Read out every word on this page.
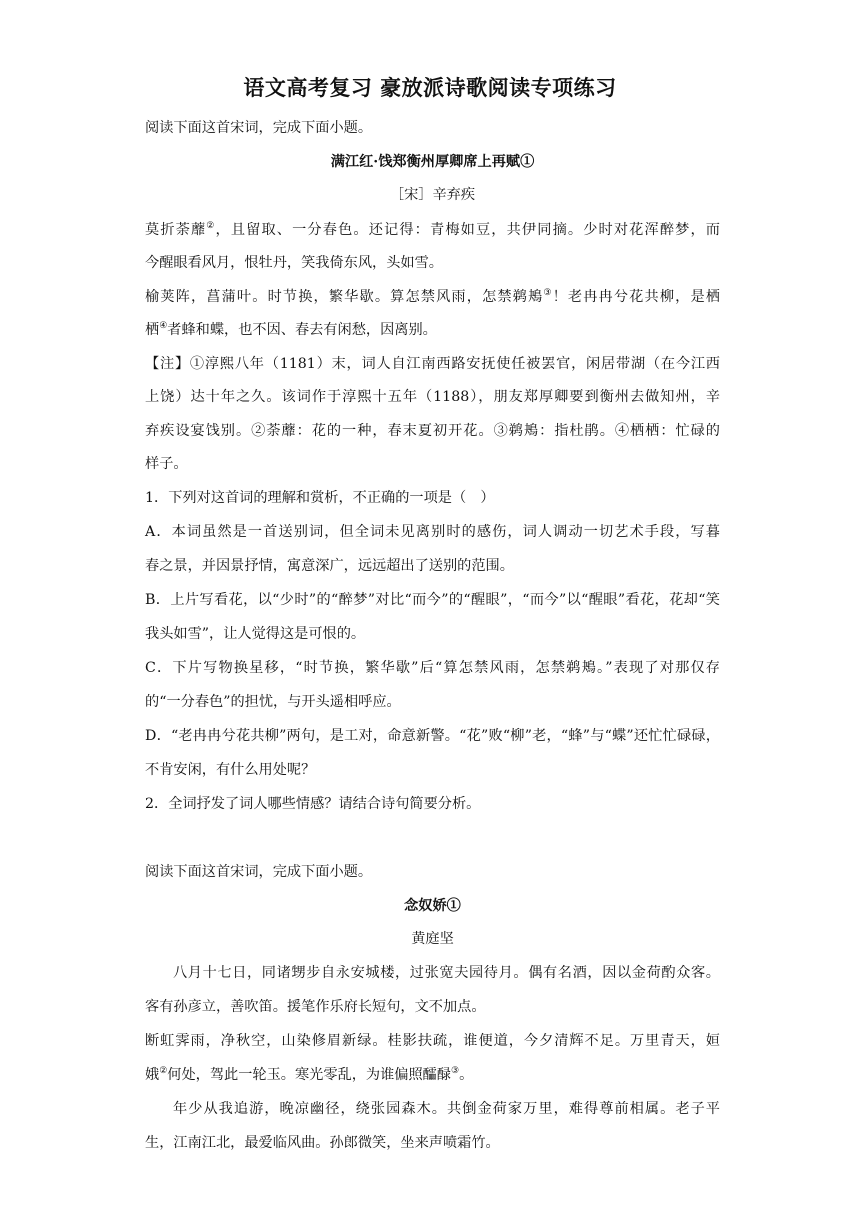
语文高考复习 豪放派诗歌阅读专项练习
阅读下面这首宋词，完成下面小题。
满江红·饯郑衡州厚卿席上再赋①
［宋］辛弃疾
莫折荼蘼②，且留取、一分春色。还记得：青梅如豆，共伊同摘。少时对花浑醉梦，而
今醒眼看风月，恨牡丹，笑我倚东风，头如雪。
榆荚阵，菖蒲叶。时节换，繁华歇。算怎禁风雨，怎禁鹈鴂③！老冉冉兮花共柳，是栖
栖④者蜂和蝶，也不因、春去有闲愁，因离别。
【注】①淳熙八年（1181）末，词人自江南西路安抚使任被罢官，闲居带湖（在今江西
上饶）达十年之久。该词作于淳熙十五年（1188），朋友郑厚卿要到衡州去做知州，辛
弃疾设宴饯别。②荼蘼：花的一种，春末夏初开花。③鹈鴂：指杜鹃。④栖栖：忙碌的
样子。
1．下列对这首词的理解和赏析，不正确的一项是（　）
A．本词虽然是一首送别词，但全词未见离别时的感伤，词人调动一切艺术手段，写暮
春之景，并因景抒情，寓意深广，远远超出了送别的范围。
B．上片写看花，以“少时”的“醉梦”对比“而今”的“醒眼”，“而今”以“醒眼”看花，花却“笑
我头如雪”，让人觉得这是可恨的。
C．下片写物换星移，“时节换，繁华歇”后“算怎禁风雨，怎禁鹈鴂。”表现了对那仅存
的“一分春色”的担忧，与开头遥相呼应。
D．“老冉冉兮花共柳”两句，是工对，命意新警。“花”败“柳”老，“蜂”与“蝶”还忙忙碌碌，
不肯安闲，有什么用处呢？
2．全词抒发了词人哪些情感？请结合诗句简要分析。
阅读下面这首宋词，完成下面小题。
念奴娇①
黄庭坚
八月十七日，同诸甥步自永安城楼，过张宽夫园待月。偶有名酒，因以金荷酌众客。
客有孙彦立，善吹笛。援笔作乐府长短句，文不加点。
断虹霁雨，净秋空，山染修眉新绿。桂影扶疏，谁便道，今夕清辉不足。万里青天，姮
娥②何处，驾此一轮玉。寒光零乱，为谁偏照醽醁③。
年少从我追游，晚凉幽径，绕张园森木。共倒金荷家万里，难得尊前相属。老子平
生，江南江北，最爱临风曲。孙郎微笑，坐来声喷霜竹。
